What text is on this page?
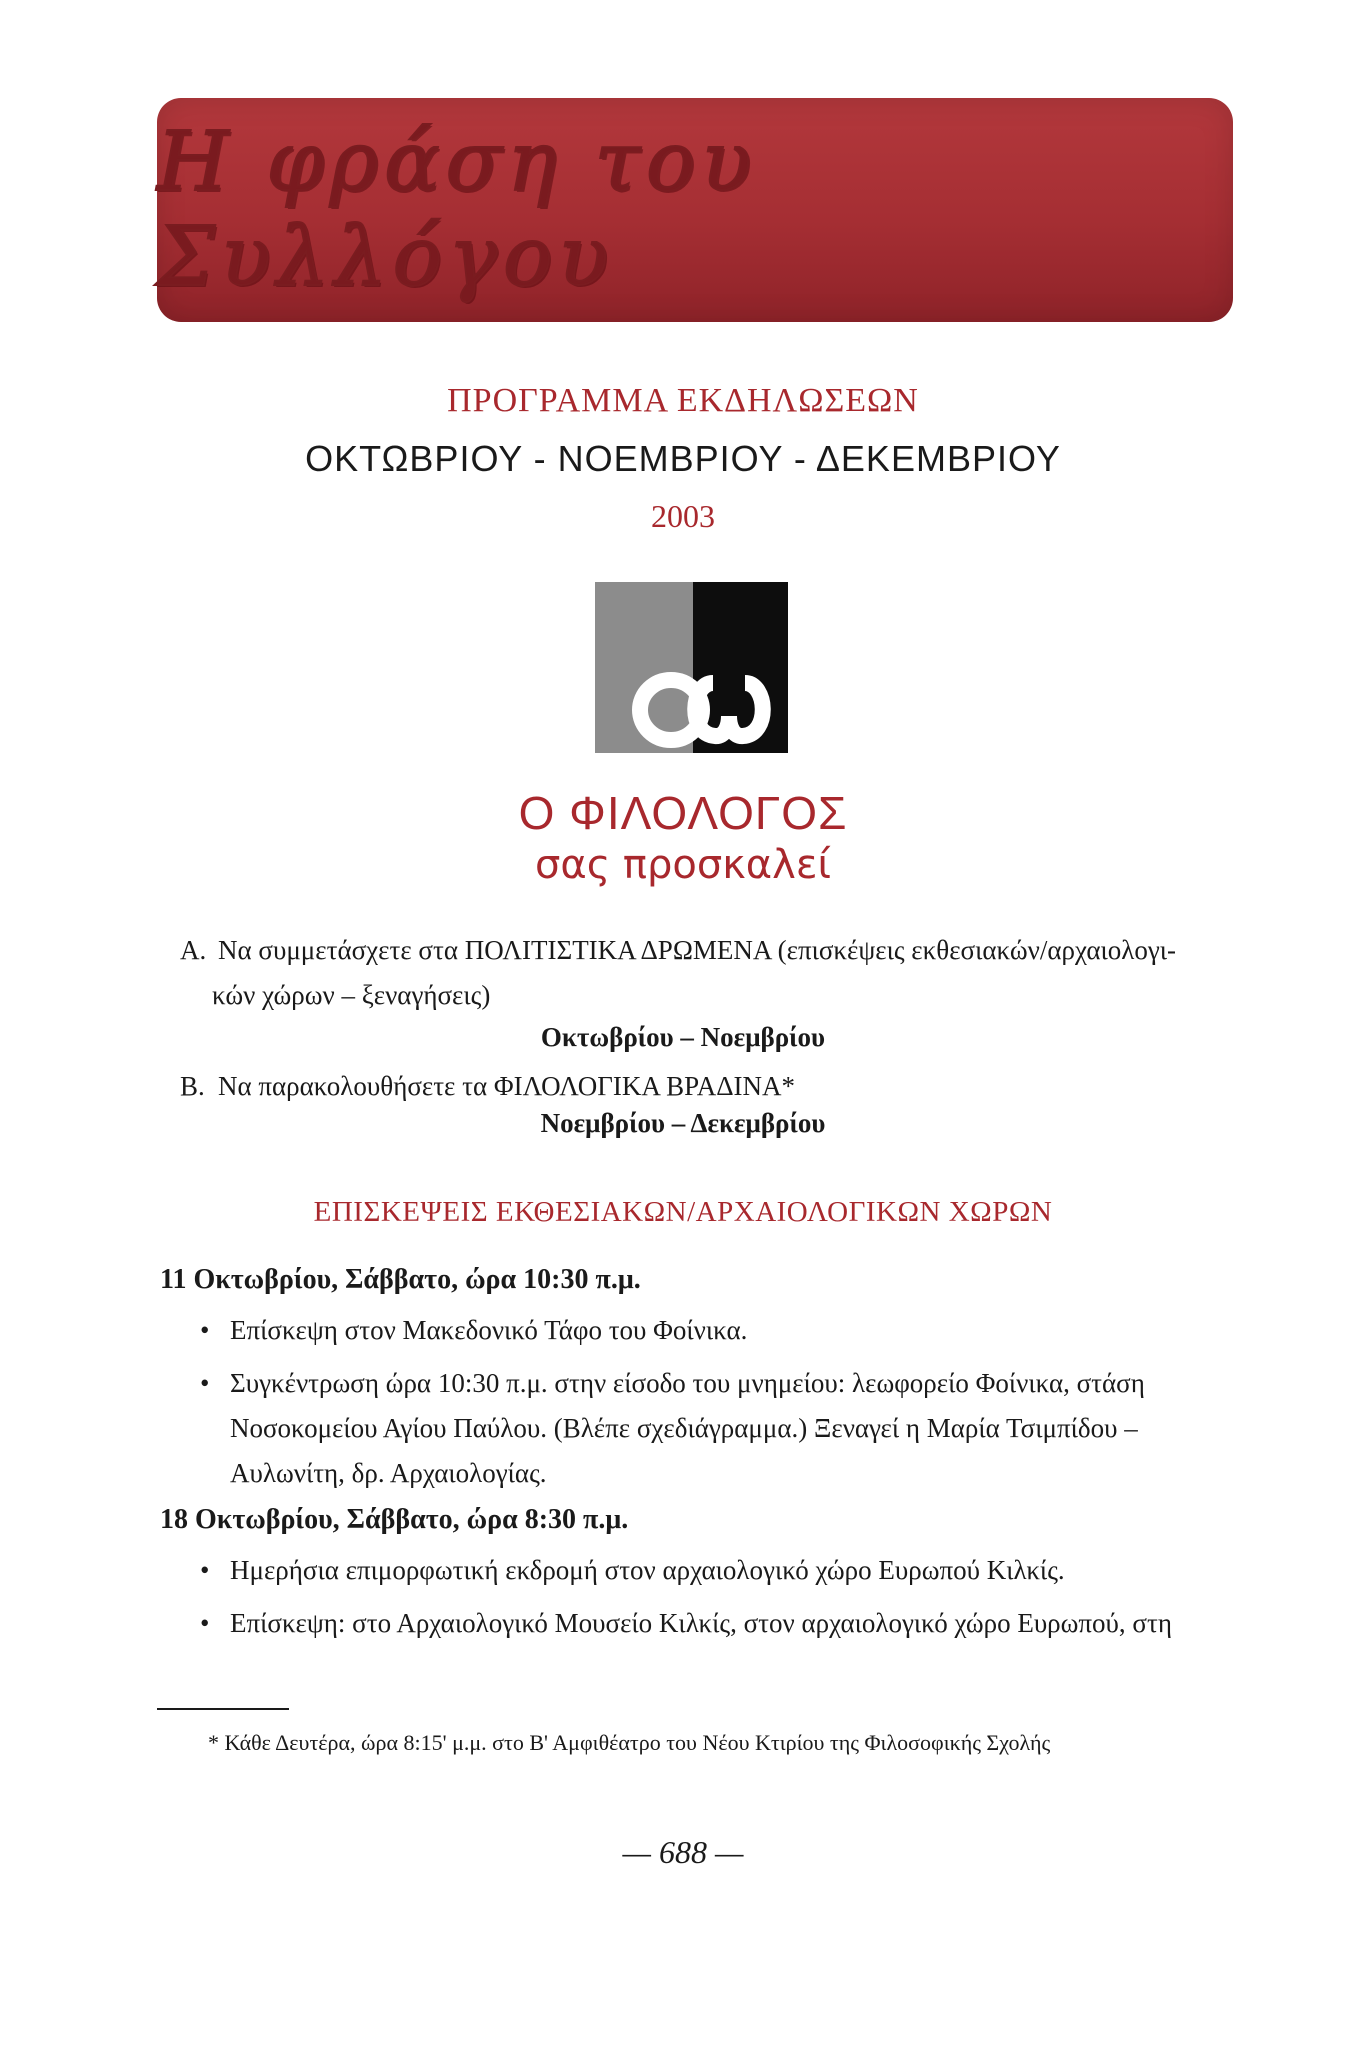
Η φράση του Συλλόγου
ΠΡΟΓΡΑΜΜΑ ΕΚΔΗΛΩΣΕΩΝ
ΟΚΤΩΒΡΙΟΥ - ΝΟΕΜΒΡΙΟΥ - ΔΕΚΕΜΒΡΙΟΥ
2003
Ο ΦΙΛΟΛΟΓΟΣ
σας προσκαλεί
Α. Να συμμετάσχετε στα ΠΟΛΙΤΙΣΤΙΚΑ ΔΡΩΜΕΝΑ (επισκέψεις εκθεσιακών/αρχαιολογι-
κών χώρων – ξεναγήσεις)
Οκτωβρίου – Νοεμβρίου
Β. Να παρακολουθήσετε τα ΦΙΛΟΛΟΓΙΚΑ ΒΡΑΔΙΝΑ*
Νοεμβρίου – Δεκεμβρίου
ΕΠΙΣΚΕΨΕΙΣ ΕΚΘΕΣΙΑΚΩΝ/ΑΡΧΑΙΟΛΟΓΙΚΩΝ ΧΩΡΩΝ
11 Οκτωβρίου, Σάββατο, ώρα 10:30 π.μ.
• Επίσκεψη στον Μακεδονικό Τάφο του Φοίνικα.
• Συγκέντρωση ώρα 10:30 π.μ. στην είσοδο του μνημείου: λεωφορείο Φοίνικα, στάση Νοσοκομείου Αγίου Παύλου. (Βλέπε σχεδιάγραμμα.) Ξεναγεί η Μαρία Τσιμπίδου – Αυλωνίτη, δρ. Αρχαιολογίας.
18 Οκτωβρίου, Σάββατο, ώρα 8:30 π.μ.
• Ημερήσια επιμορφωτική εκδρομή στον αρχαιολογικό χώρο Ευρωπού Κιλκίς.
• Επίσκεψη: στο Αρχαιολογικό Μουσείο Κιλκίς, στον αρχαιολογικό χώρο Ευρωπού, στη
* Κάθε Δευτέρα, ώρα 8:15' μ.μ. στο Β' Αμφιθέατρο του Νέου Κτιρίου της Φιλοσοφικής Σχολής
— 688 —
